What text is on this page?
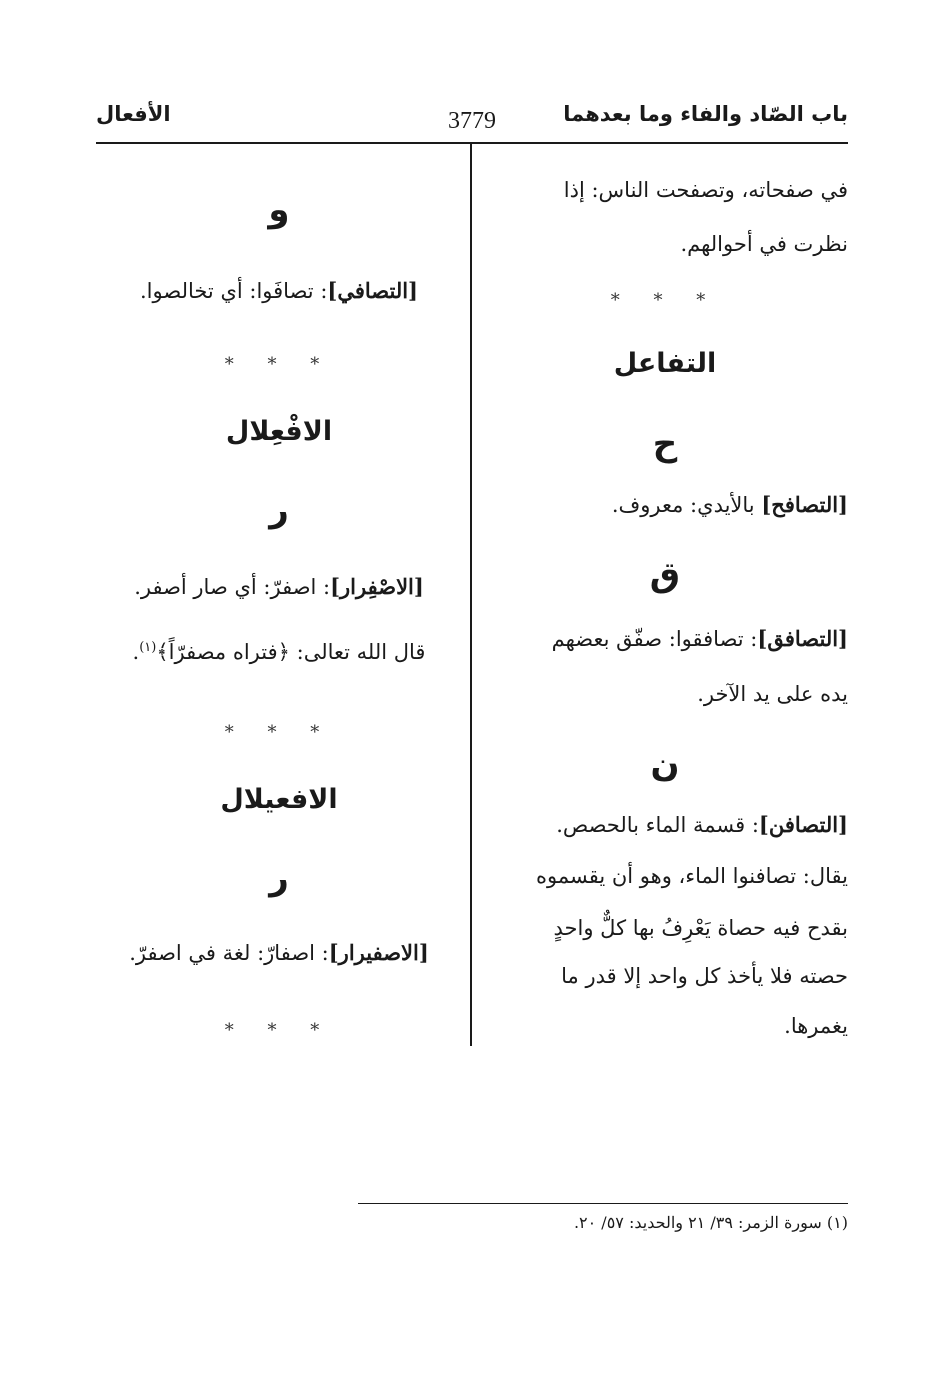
باب الصّاد والفاء وما بعدهما
3779
الأفعال
في صفحاته، وتصفحت الناس: إذا
نظرت في أحوالهم.
* * *
التفاعل
ح
[التصافح] بالأيدي: معروف.
ق
[التصافق]: تصافقوا: صفّق بعضهم
يده على يد الآخر.
ن
[التصافن]: قسمة الماء بالحصص.
يقال: تصافنوا الماء، وهو أن يقسموه
بقدح فيه حصاة يَعْرِفُ بها كلٌّ واحدٍ
حصته فلا يأخذ كل واحد إلا قدر ما
يغمرها.
و
[التصافي]: تصافَوا: أي تخالصوا.
* * *
الافْعِلال
ر
[الاصْفِرار]: اصفرّ: أي صار أصفر.
قال الله تعالى: ﴿فتراه مصفرّاً﴾$^{(١)}$.
* * *
الافعيلال
ر
[الاصفيرار]: اصفارّ: لغة في اصفرّ.
* * *
(١) سورة الزمر: ٣٩/ ٢١ والحديد: ٥٧/ ٢٠.
